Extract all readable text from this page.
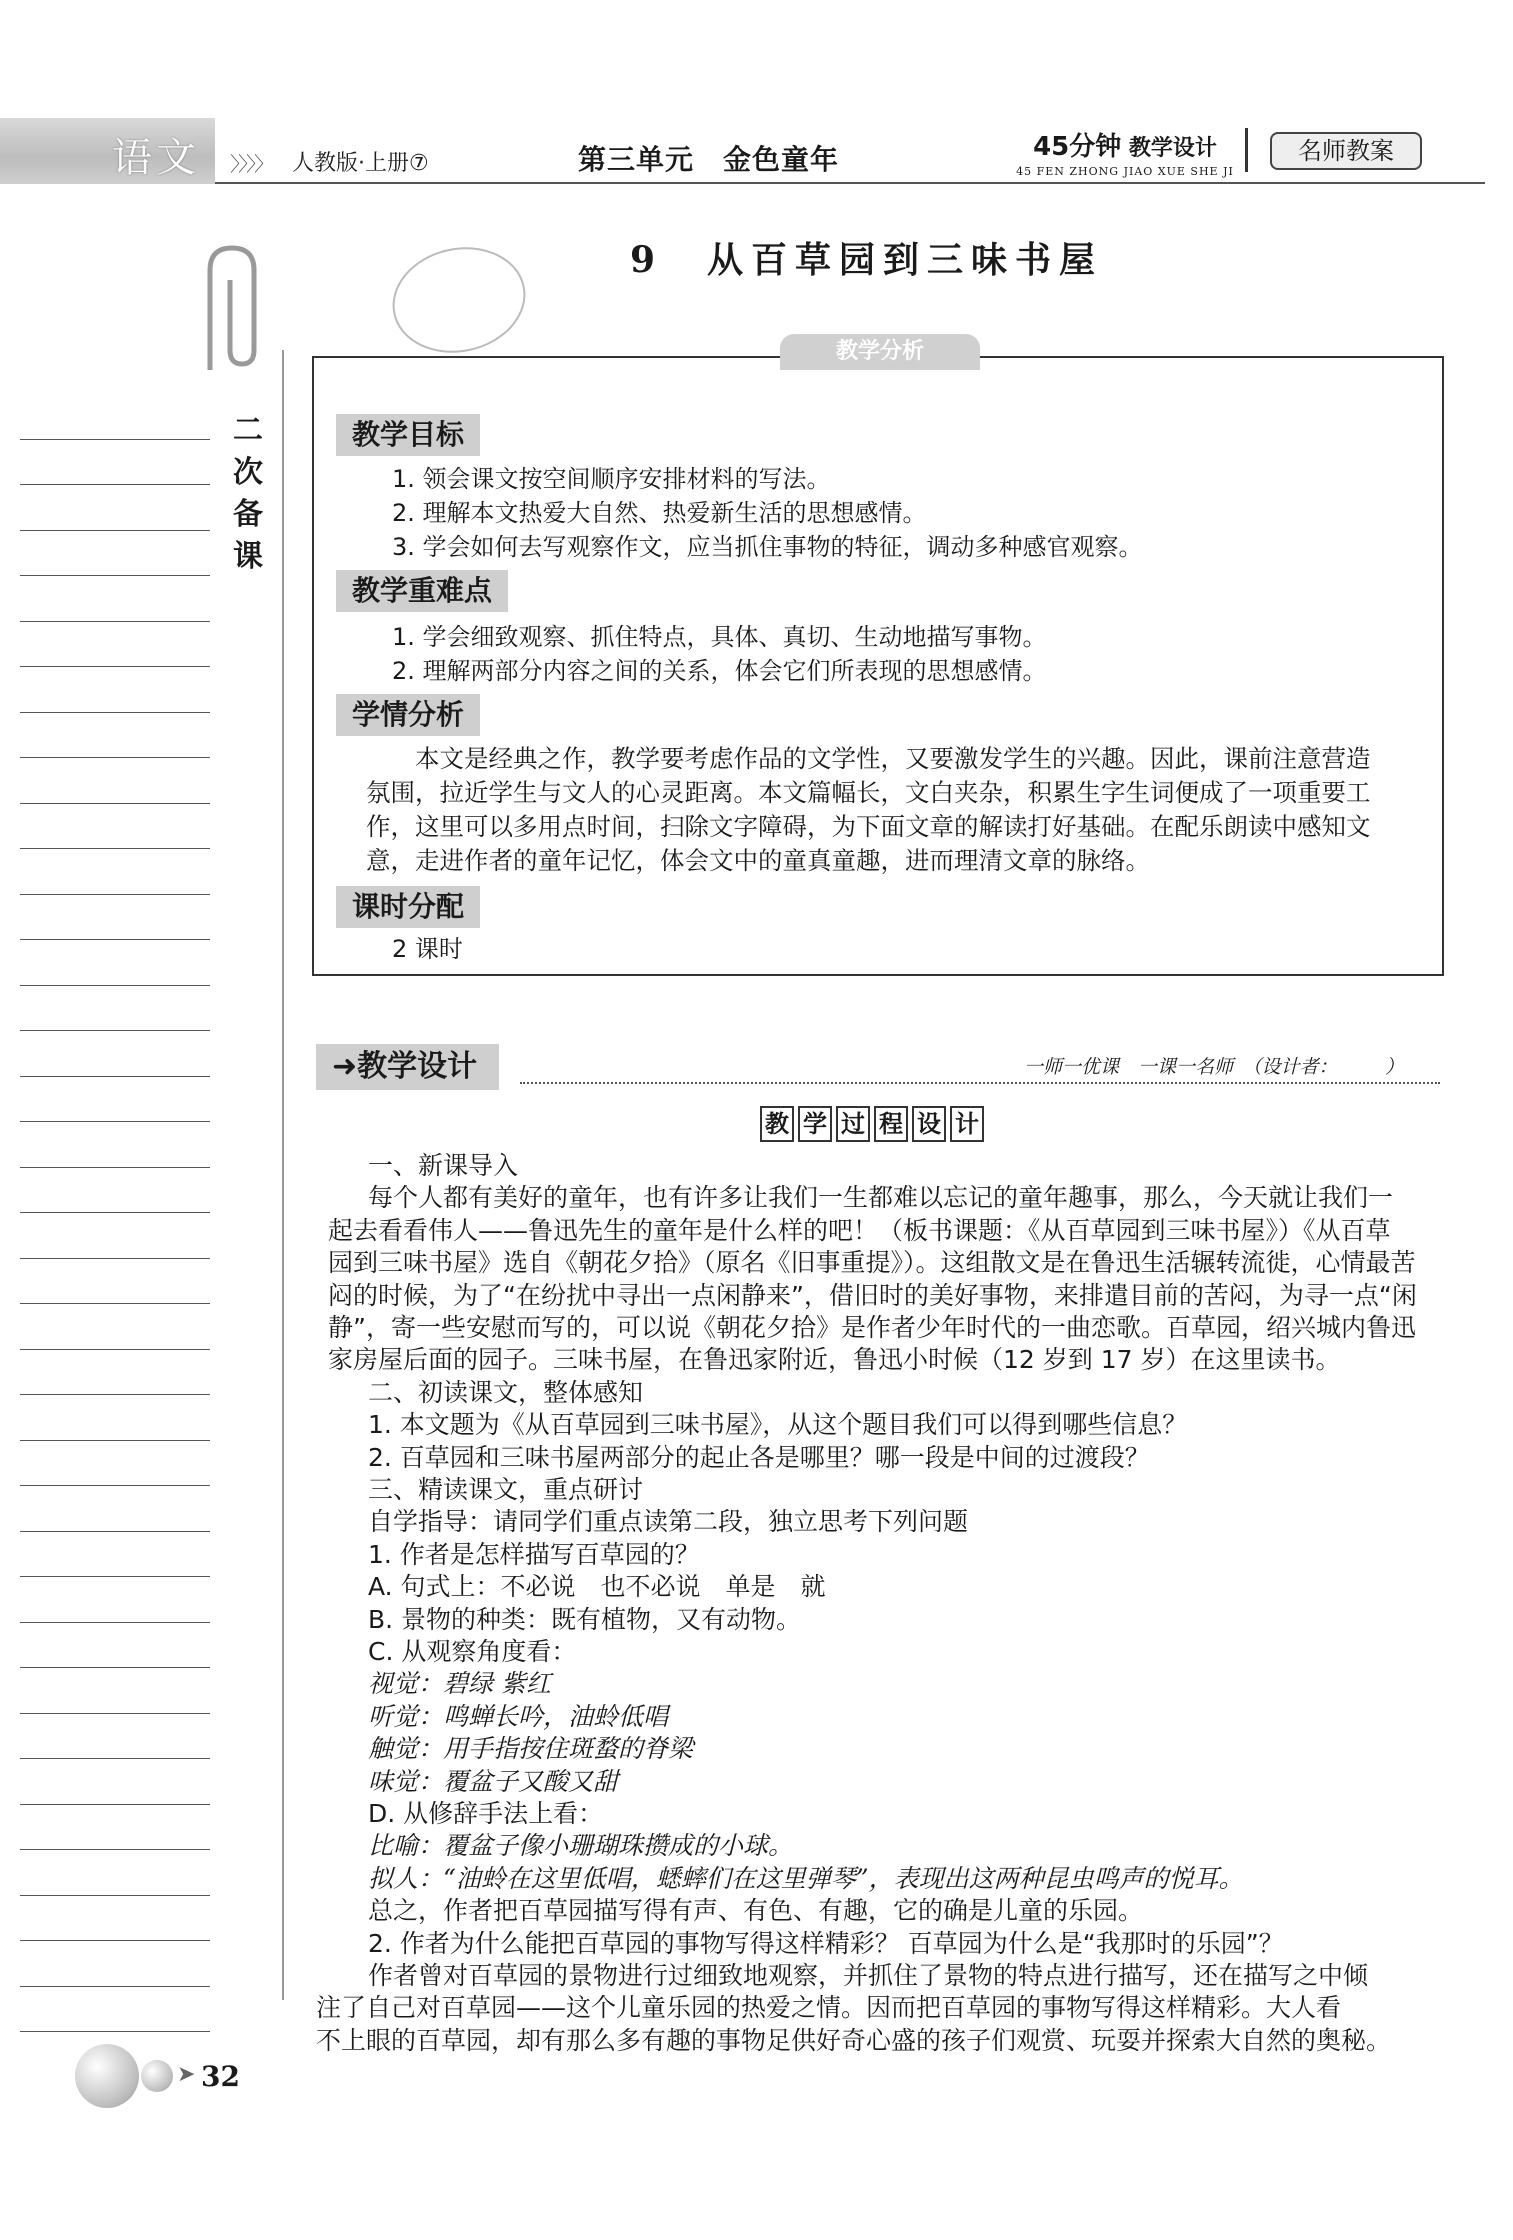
语文 〉〉〉〉 人教版·上册⑦	第三单元　金色童年	45分钟 教学设计
45 FEN ZHONG JIAO XUE SHE JI
名师教案
二
次
备
课
9　从百草园到三味书屋
教学分析
教学目标
1. 领会课文按空间顺序安排材料的写法。
2. 理解本文热爱大自然、热爱新生活的思想感情。
3. 学会如何去写观察作文，应当抓住事物的特征，调动多种感官观察。
教学重难点
1. 学会细致观察、抓住特点，具体、真切、生动地描写事物。
2. 理解两部分内容之间的关系，体会它们所表现的思想感情。
学情分析
　　本文是经典之作，教学要考虑作品的文学性，又要激发学生的兴趣。因此，课前注意营造
氛围，拉近学生与文人的心灵距离。本文篇幅长，文白夹杂，积累生字生词便成了一项重要工
作，这里可以多用点时间，扫除文字障碍，为下面文章的解读打好基础。在配乐朗读中感知文
意，走进作者的童年记忆，体会文中的童真童趣，进而理清文章的脉络。
课时分配
2 课时
➜教学设计	一师一优课　一课一名师　（设计者：　　　）
教 学 过 程 设 计
一、新课导入
每个人都有美好的童年，也有许多让我们一生都难以忘记的童年趣事，那么，今天就让我们一
起去看看伟人——鲁迅先生的童年是什么样的吧！（板书课题：《从百草园到三味书屋》）《从百草
园到三味书屋》选自《朝花夕拾》（原名《旧事重提》）。这组散文是在鲁迅生活辗转流徙，心情最苦
闷的时候，为了“在纷扰中寻出一点闲静来”，借旧时的美好事物，来排遣目前的苦闷，为寻一点“闲
静”，寄一些安慰而写的，可以说《朝花夕拾》是作者少年时代的一曲恋歌。百草园，绍兴城内鲁迅
家房屋后面的园子。三味书屋，在鲁迅家附近，鲁迅小时候（12 岁到 17 岁）在这里读书。
二、初读课文，整体感知
1. 本文题为《从百草园到三味书屋》，从这个题目我们可以得到哪些信息？
2. 百草园和三味书屋两部分的起止各是哪里？哪一段是中间的过渡段？
三、精读课文，重点研讨
自学指导：请同学们重点读第二段，独立思考下列问题
1. 作者是怎样描写百草园的？
A. 句式上：不必说　也不必说　单是　就
B. 景物的种类：既有植物，又有动物。
C. 从观察角度看：
视觉：碧绿 紫红
听觉：鸣蝉长吟，油蛉低唱
触觉：用手指按住斑蝥的脊梁
味觉：覆盆子又酸又甜
D. 从修辞手法上看：
比喻：覆盆子像小珊瑚珠攒成的小球。
拟人：“油蛉在这里低唱，蟋蟀们在这里弹琴”，表现出这两种昆虫鸣声的悦耳。
总之，作者把百草园描写得有声、有色、有趣，它的确是儿童的乐园。
2. 作者为什么能把百草园的事物写得这样精彩？ 百草园为什么是“我那时的乐园”？
作者曾对百草园的景物进行过细致地观察，并抓住了景物的特点进行描写，还在描写之中倾
注了自己对百草园——这个儿童乐园的热爱之情。因而把百草园的事物写得这样精彩。大人看
不上眼的百草园，却有那么多有趣的事物足供好奇心盛的孩子们观赏、玩耍并探索大自然的奥秘。
➤ 32
